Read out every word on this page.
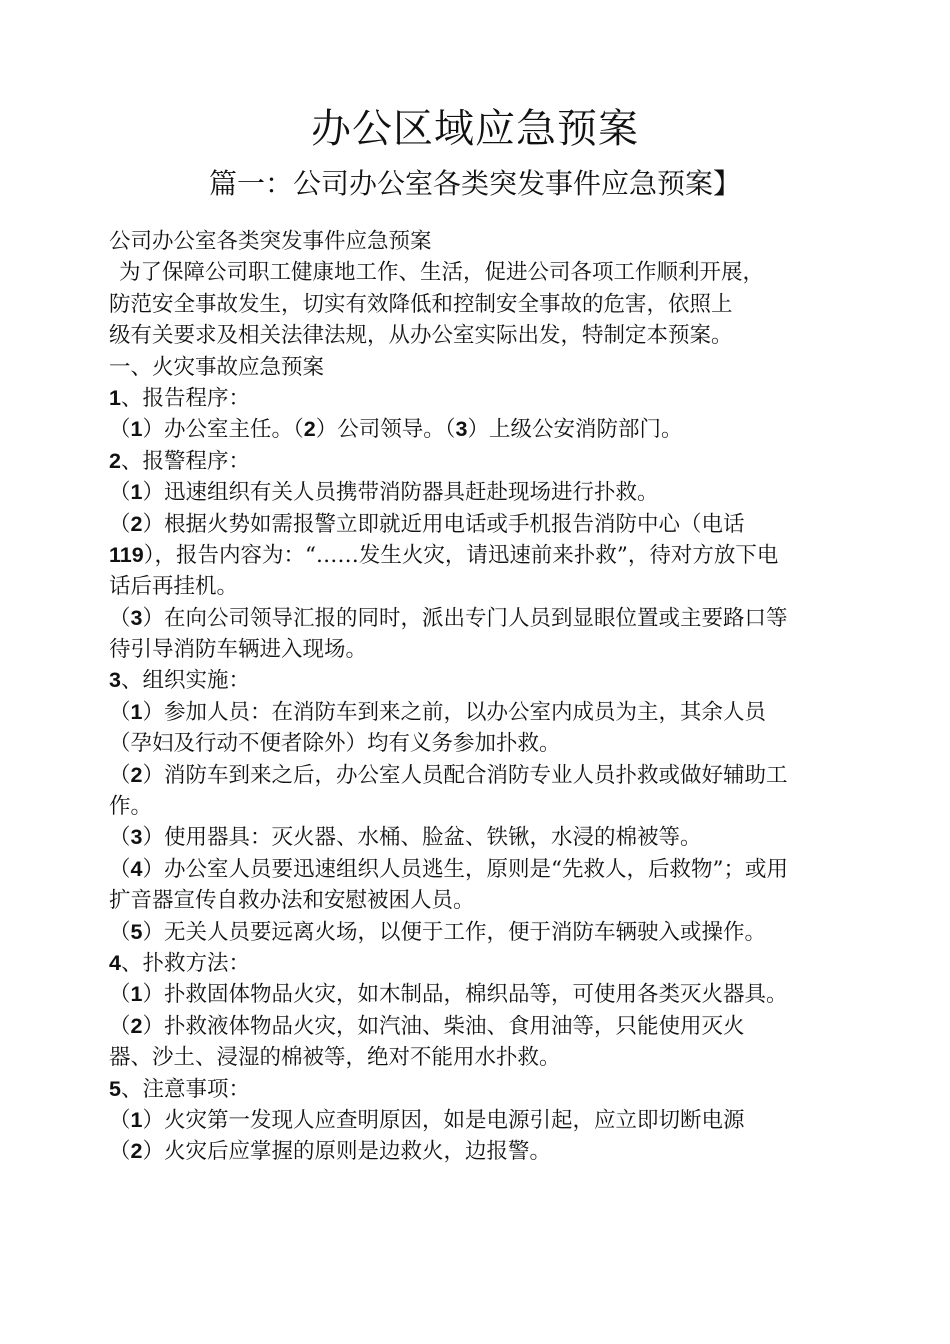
办公区域应急预案
篇一：公司办公室各类突发事件应急预案】
公司办公室各类突发事件应急预案
为了保障公司职工健康地工作、生活，促进公司各项工作顺利开展，
防范安全事故发生，切实有效降低和控制安全事故的危害，依照上
级有关要求及相关法律法规，从办公室实际出发，特制定本预案。
一、火灾事故应急预案
1、报告程序：
（1）办公室主任。（2）公司领导。（3）上级公安消防部门。
2、报警程序：
（1）迅速组织有关人员携带消防器具赶赴现场进行扑救。
（2）根据火势如需报警立即就近用电话或手机报告消防中心（电话
119），报告内容为：“……发生火灾，请迅速前来扑救”，待对方放下电
话后再挂机。
（3）在向公司领导汇报的同时，派出专门人员到显眼位置或主要路口等
待引导消防车辆进入现场。
3、组织实施：
（1）参加人员：在消防车到来之前，以办公室内成员为主，其余人员
（孕妇及行动不便者除外）均有义务参加扑救。
（2）消防车到来之后，办公室人员配合消防专业人员扑救或做好辅助工
作。
（3）使用器具：灭火器、水桶、脸盆、铁锹，水浸的棉被等。
（4）办公室人员要迅速组织人员逃生，原则是“先救人，后救物”；或用
扩音器宣传自救办法和安慰被困人员。
（5）无关人员要远离火场，以便于工作，便于消防车辆驶入或操作。
4、扑救方法：
（1）扑救固体物品火灾，如木制品，棉织品等，可使用各类灭火器具。
（2）扑救液体物品火灾，如汽油、柴油、食用油等，只能使用灭火
器、沙土、浸湿的棉被等，绝对不能用水扑救。
5、注意事项：
（1）火灾第一发现人应查明原因，如是电源引起，应立即切断电源
（2）火灾后应掌握的原则是边救火，边报警。
